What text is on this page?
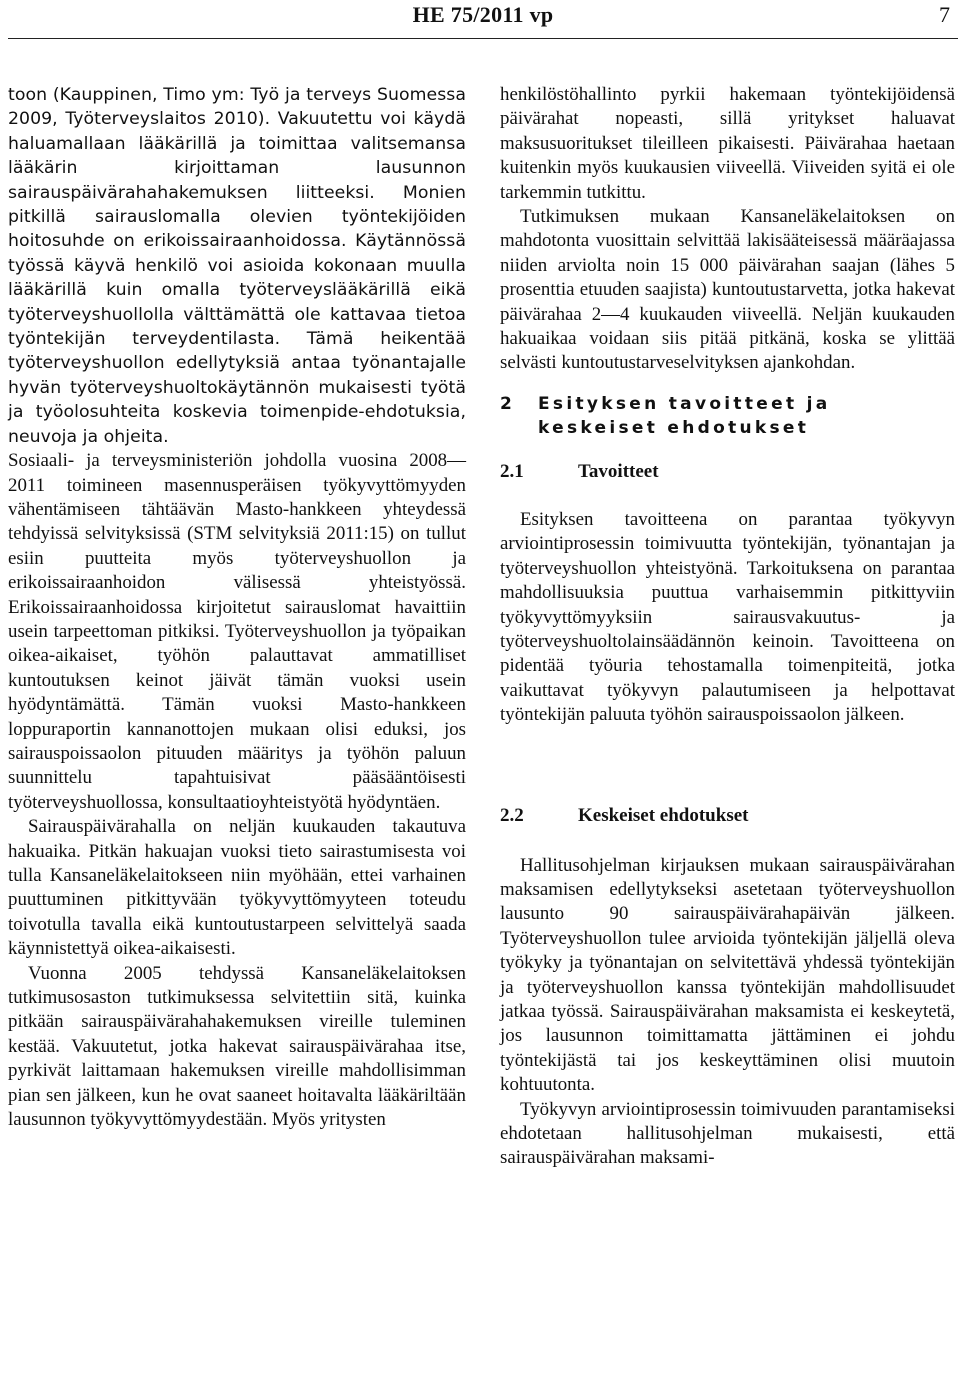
HE 75/2011 vp	7

toon (Kauppinen, Timo ym: Työ ja terveys Suomessa 2009, Työterveyslaitos 2010). Vakuutettu voi käydä haluamallaan lääkärillä ja toimittaa valitsemansa lääkärin kirjoittaman lausunnon sairauspäivärahahakemuksen liitteeksi. Monien pitkillä sairauslomalla olevien työntekijöiden hoitosuhde on erikoissairaanhoidossa. Käytännössä työssä käyvä henkilö voi asioida kokonaan muulla lääkärillä kuin omalla työterveyslääkärillä eikä työterveyshuollolla välttämättä ole kattavaa tietoa työntekijän terveydentilasta. Tämä heikentää työterveyshuollon edellytyksiä antaa työnantajalle hyvän työterveyshuoltokäytännön mukaisesti työtä ja työolosuhteita koskevia toimenpide-ehdotuksia, neuvoja ja ohjeita.

Sosiaali- ja terveysministeriön johdolla vuosina 2008—2011 toimineen masennusperäisen työkyvyttömyyden vähentämiseen tähtäävän Masto-hankkeen yhteydessä tehdyissä selvityksissä (STM selvityksiä 2011:15) on tullut esiin puutteita myös työterveyshuollon ja erikoissairaanhoidon välisessä yhteistyössä. Erikoissairaanhoidossa kirjoitetut sairauslomat havaittiin usein tarpeettoman pitkiksi. Työterveyshuollon ja työpaikan oikea-aikaiset, työhön palauttavat ammatilliset kuntoutuksen keinot jäivät tämän vuoksi usein hyödyntämättä. Tämän vuoksi Masto-hankkeen loppuraportin kannanottojen mukaan olisi eduksi, jos sairauspoissaolon pituuden määritys ja työhön paluun suunnittelu tapahtuisivat pääsääntöisesti työterveyshuollossa, konsultaatioyhteistyötä hyödyntäen.

Sairauspäivärahalla on neljän kuukauden takautuva hakuaika. Pitkän hakuajan vuoksi tieto sairastumisesta voi tulla Kansaneläkelaitokseen niin myöhään, ettei varhainen puuttuminen pitkittyvään työkyvyttömyyteen toteudu toivotulla tavalla eikä kuntoutustarpeen selvittelyä saada käynnistettyä oikea-aikaisesti.

Vuonna 2005 tehdyssä Kansaneläkelaitoksen tutkimusosaston tutkimuksessa selvitettiin sitä, kuinka pitkään sairauspäivärahahakemuksen vireille tuleminen kestää. Vakuutetut, jotka hakevat sairauspäivärahaa itse, pyrkivät laittamaan hakemuksen vireille mahdollisimman pian sen jälkeen, kun he ovat saaneet hoitavalta lääkäriltään lausunnon työkyvyttömyydestään. Myös yritysten

henkilöstöhallinto pyrkii hakemaan työntekijöidensä päivärahat nopeasti, sillä yritykset haluavat maksusuoritukset tileilleen pikaisesti. Päivärahaa haetaan kuitenkin myös kuukausien viiveellä. Viiveiden syitä ei ole tarkemmin tutkittu.

Tutkimuksen mukaan Kansaneläkelaitoksen on mahdotonta vuosittain selvittää lakisääteisessä määräajassa niiden arviolta noin 15 000 päivärahan saajan (lähes 5 prosenttia etuuden saajista) kuntoutustarvetta, jotka hakevat päivärahaa 2—4 kuukauden viiveellä. Neljän kuukauden hakuaikaa voidaan siis pitää pitkänä, koska se ylittää selvästi kuntoutustarveselvityksen ajankohdan.

2	Esityksen tavoitteet ja keskeiset ehdotukset
2.1	Tavoitteet

Esityksen tavoitteena on parantaa työkyvyn arviointiprosessin toimivuutta työntekijän, työnantajan ja työterveyshuollon yhteistyönä. Tarkoituksena on parantaa mahdollisuuksia puuttua varhaisemmin pitkittyviin työkyvyttömyyksiin sairausvakuutus- ja työterveyshuoltolainsäädännön keinoin. Tavoitteena on pidentää työuria tehostamalla toimenpiteitä, jotka vaikuttavat työkyvyn palautumiseen ja helpottavat työntekijän paluuta työhön sairauspoissaolon jälkeen.

2.2	Keskeiset ehdotukset

Hallitusohjelman kirjauksen mukaan sairauspäivärahan maksamisen edellytykseksi asetetaan työterveyshuollon lausunto 90 sairauspäivärahapäivän jälkeen. Työterveyshuollon tulee arvioida työntekijän jäljellä oleva työkyky ja työnantajan on selvitettävä yhdessä työntekijän ja työterveyshuollon kanssa työntekijän mahdollisuudet jatkaa työssä. Sairauspäivärahan maksamista ei keskeytetä, jos lausunnon toimittamatta jättäminen ei johdu työntekijästä tai jos keskeyttäminen olisi muutoin kohtuutonta.

Työkyvyn arviointiprosessin toimivuuden parantamiseksi ehdotetaan hallitusohjelman mukaisesti, että sairauspäivärahan maksami-
